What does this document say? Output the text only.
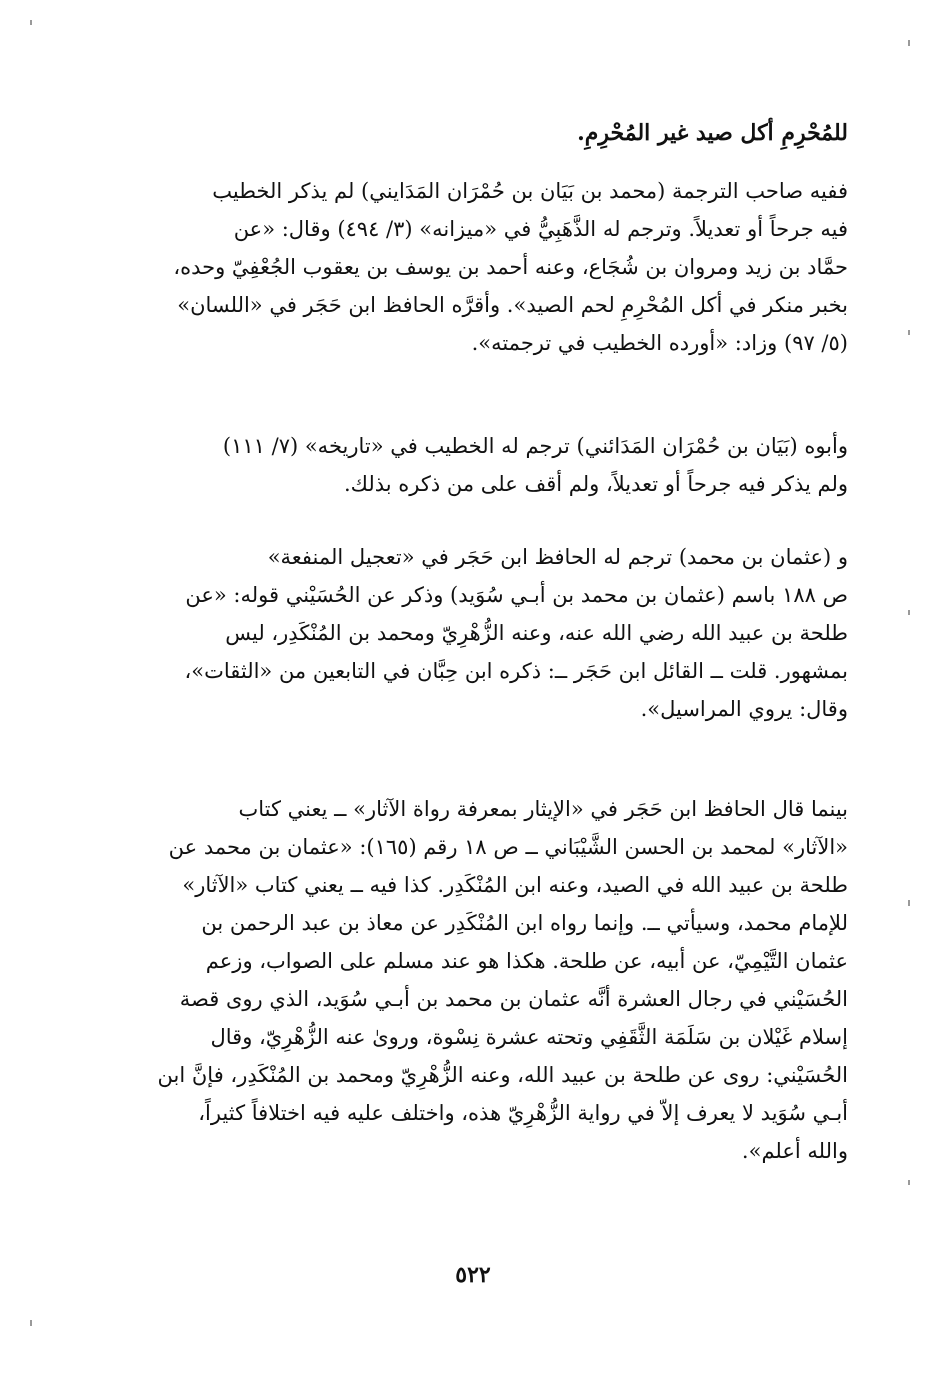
للمُحْرِمِ أكل صيد غير المُحْرِمِ.
ففيه صاحب الترجمة (محمد بن بَيَان بن حُمْرَان المَدَايني) لم يذكر الخطيب
فيه جرحاً أو تعديلاً. وترجم له الذَّهَبِيُّ في «ميزانه» (٣/ ٤٩٤) وقال: «عن
حمَّاد بن زيد ومروان بن شُجَاع، وعنه أحمد بن يوسف بن يعقوب الجُعْفِيّ وحده،
بخبر منكر في أكل المُحْرِمِ لحم الصيد». وأقرَّه الحافظ ابن حَجَر في «اللسان»
(٥/ ٩٧) وزاد: «أورده الخطيب في ترجمته».
وأبوه (بَيَان بن حُمْرَان المَدَائني) ترجم له الخطيب في «تاريخه» (٧/ ١١١)
ولم يذكر فيه جرحاً أو تعديلاً، ولم أقف على من ذكره بذلك.
و (عثمان بن محمد) ترجم له الحافظ ابن حَجَر في «تعجيل المنفعة»
ص ١٨٨ باسم (عثمان بن محمد بن أبـي سُوَيد) وذكر عن الحُسَيْني قوله: «عن
طلحة بن عبيد الله رضي الله عنه، وعنه الزُّهْرِيّ ومحمد بن المُنْكَدِر، ليس
بمشهور. قلت ــ القائل ابن حَجَر ــ: ذكره ابن حِبَّان في التابعين من «الثقات»،
وقال: يروي المراسيل».
بينما قال الحافظ ابن حَجَر في «الإيثار بمعرفة رواة الآثار» ــ يعني كتاب
«الآثار» لمحمد بن الحسن الشَّيْبَاني ــ ص ١٨ رقم (١٦٥): «عثمان بن محمد عن
طلحة بن عبيد الله في الصيد، وعنه ابن المُنْكَدِر. كذا فيه ــ يعني كتاب «الآثار»
للإمام محمد، وسيأتي ــ. وإنما رواه ابن المُنْكَدِر عن معاذ بن عبد الرحمن بن
عثمان التَّيْمِيّ، عن أبيه، عن طلحة. هكذا هو عند مسلم على الصواب، وزعم
الحُسَيْني في رجال العشرة أنَّه عثمان بن محمد بن أبـي سُوَيد، الذي روى قصة
إسلام غَيْلان بن سَلَمَة الثَّقَفِي وتحته عشرة نِسْوة، وروىٰ عنه الزُّهْرِيّ، وقال
الحُسَيْني: روى عن طلحة بن عبيد الله، وعنه الزُّهْرِيّ ومحمد بن المُنْكَدِر، فإنَّ ابن
أبـي سُوَيد لا يعرف إلاّ في رواية الزُّهْرِيّ هذه، واختلف عليه فيه اختلافاً كثيراً،
والله أعلم».
٥٢٢
